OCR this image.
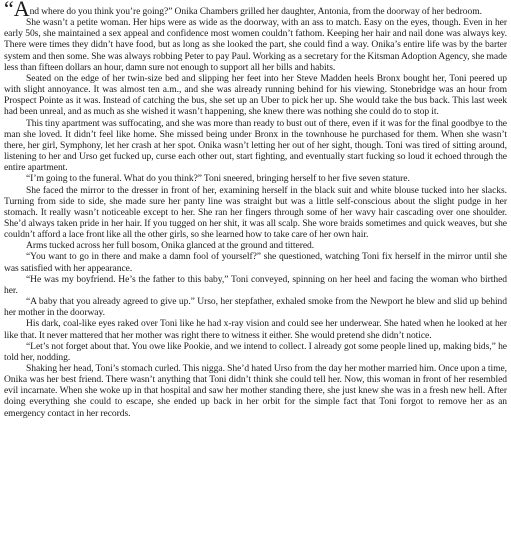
“And where do you think you’re going?” Onika Chambers grilled her daughter, Antonia, from the doorway of her bedroom.

She wasn’t a petite woman. Her hips were as wide as the doorway, with an ass to match. Easy on the eyes, though. Even in her early 50s, she maintained a sex appeal and confidence most women couldn’t fathom. Keeping her hair and nail done was always key. There were times they didn’t have food, but as long as she looked the part, she could find a way. Onika’s entire life was by the barter system and then some. She was always robbing Peter to pay Paul. Working as a secretary for the Kitsman Adoption Agency, she made less than fifteen dollars an hour, damn sure not enough to support all her bills and habits.

Seated on the edge of her twin-size bed and slipping her feet into her Steve Madden heels Bronx bought her, Toni peered up with slight annoyance. It was almost ten a.m., and she was already running behind for his viewing. Stonebridge was an hour from Prospect Pointe as it was. Instead of catching the bus, she set up an Uber to pick her up. She would take the bus back. This last week had been unreal, and as much as she wished it wasn’t happening, she knew there was nothing she could do to stop it.

This tiny apartment was suffocating, and she was more than ready to bust out of there, even if it was for the final goodbye to the man she loved. It didn’t feel like home. She missed being under Bronx in the townhouse he purchased for them. When she wasn’t there, her girl, Symphony, let her crash at her spot. Onika wasn’t letting her out of her sight, though. Toni was tired of sitting around, listening to her and Urso get fucked up, curse each other out, start fighting, and eventually start fucking so loud it echoed through the entire apartment.

“I’m going to the funeral. What do you think?” Toni sneered, bringing herself to her five seven stature.

She faced the mirror to the dresser in front of her, examining herself in the black suit and white blouse tucked into her slacks. Turning from side to side, she made sure her panty line was straight but was a little self-conscious about the slight pudge in her stomach. It really wasn’t noticeable except to her. She ran her fingers through some of her wavy hair cascading over one shoulder. She’d always taken pride in her hair. If you tugged on her shit, it was all scalp. She wore braids sometimes and quick weaves, but she couldn’t afford a lace front like all the other girls, so she learned how to take care of her own hair.

Arms tucked across her full bosom, Onika glanced at the ground and tittered.

“You want to go in there and make a damn fool of yourself?” she questioned, watching Toni fix herself in the mirror until she was satisfied with her appearance.

“He was my boyfriend. He’s the father to this baby,” Toni conveyed, spinning on her heel and facing the woman who birthed her.

“A baby that you already agreed to give up.” Urso, her stepfather, exhaled smoke from the Newport he blew and slid up behind her mother in the doorway.

His dark, coal-like eyes raked over Toni like he had x-ray vision and could see her underwear. She hated when he looked at her like that. It never mattered that her mother was right there to witness it either. She would pretend she didn’t notice.

“Let’s not forget about that. You owe like Pookie, and we intend to collect. I already got some people lined up, making bids,” he told her, nodding.

Shaking her head, Toni’s stomach curled. This nigga. She’d hated Urso from the day her mother married him. Once upon a time, Onika was her best friend. There wasn’t anything that Toni didn’t think she could tell her. Now, this woman in front of her resembled evil incarnate. When she woke up in that hospital and saw her mother standing there, she just knew she was in a fresh new hell. After doing everything she could to escape, she ended up back in her orbit for the simple fact that Toni forgot to remove her as an emergency contact in her records.
